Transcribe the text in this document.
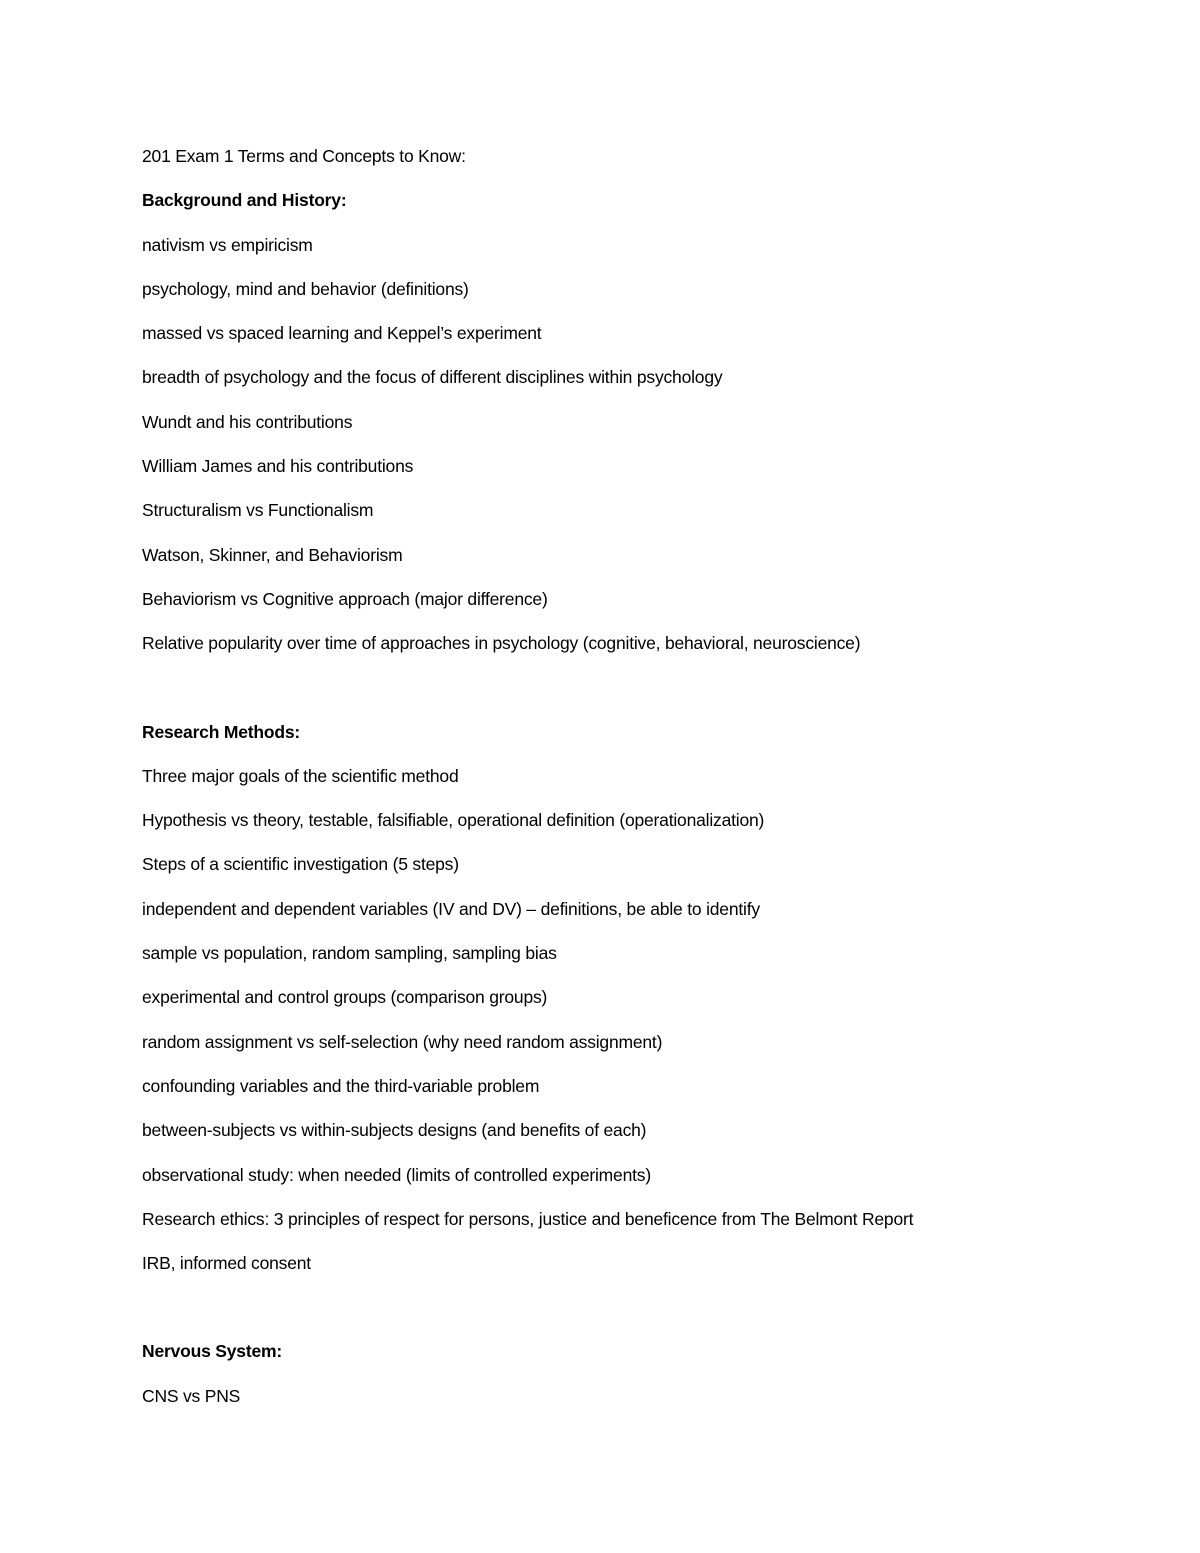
201 Exam 1 Terms and Concepts to Know:
Background and History:
nativism vs empiricism
psychology, mind and behavior (definitions)
massed vs spaced learning and Keppel’s experiment
breadth of psychology and the focus of different disciplines within psychology
Wundt and his contributions
William James and his contributions
Structuralism vs Functionalism
Watson, Skinner, and Behaviorism
Behaviorism vs Cognitive approach (major difference)
Relative popularity over time of approaches in psychology (cognitive, behavioral, neuroscience)
Research Methods:
Three major goals of the scientific method
Hypothesis vs theory, testable, falsifiable, operational definition (operationalization)
Steps of a scientific investigation (5 steps)
independent and dependent variables (IV and DV) – definitions, be able to identify
sample vs population, random sampling, sampling bias
experimental and control groups (comparison groups)
random assignment vs self-selection (why need random assignment)
confounding variables and the third-variable problem
between-subjects vs within-subjects designs (and benefits of each)
observational study: when needed (limits of controlled experiments)
Research ethics: 3 principles of respect for persons, justice and beneficence from The Belmont Report
IRB, informed consent
Nervous System:
CNS vs PNS
